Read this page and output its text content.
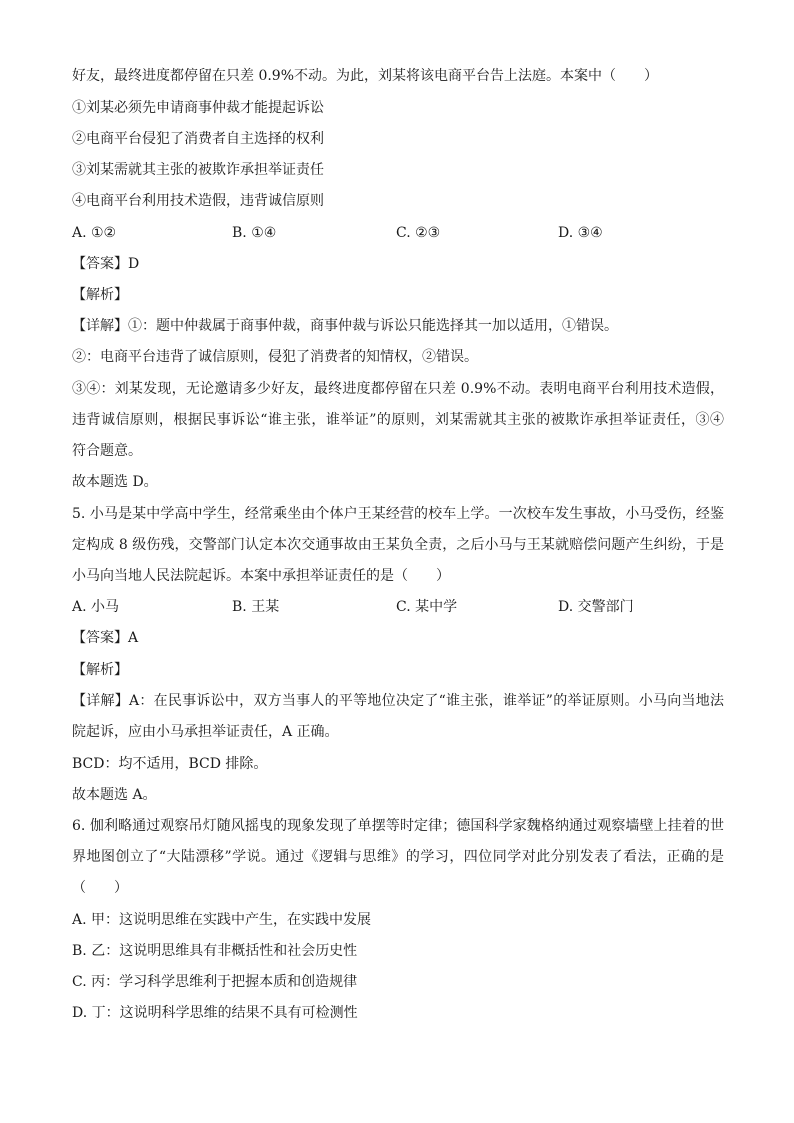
好友，最终进度都停留在只差 0.9%不动。为此，刘某将该电商平台告上法庭。本案中（　　）
①刘某必须先申请商事仲裁才能提起诉讼
②电商平台侵犯了消费者自主选择的权利
③刘某需就其主张的被欺诈承担举证责任
④电商平台利用技术造假，违背诚信原则
A. ①②	B. ①④	C. ②③	D. ③④
【答案】D
【解析】
【详解】①：题中仲裁属于商事仲裁，商事仲裁与诉讼只能选择其一加以适用，①错误。
②：电商平台违背了诚信原则，侵犯了消费者的知情权，②错误。
③④：刘某发现，无论邀请多少好友，最终进度都停留在只差 0.9%不动。表明电商平台利用技术造假，
违背诚信原则，根据民事诉讼“谁主张，谁举证”的原则，刘某需就其主张的被欺诈承担举证责任，③④
符合题意。
故本题选 D。
5. 小马是某中学高中学生，经常乘坐由个体户王某经营的校车上学。一次校车发生事故，小马受伤，经鉴
定构成 8 级伤残，交警部门认定本次交通事故由王某负全责，之后小马与王某就赔偿问题产生纠纷，于是
小马向当地人民法院起诉。本案中承担举证责任的是（　　）
A. 小马	B. 王某	C. 某中学	D. 交警部门
【答案】A
【解析】
【详解】A：在民事诉讼中，双方当事人的平等地位决定了“谁主张，谁举证”的举证原则。小马向当地法
院起诉，应由小马承担举证责任，A 正确。
BCD：均不适用，BCD 排除。
故本题选 A。
6. 伽利略通过观察吊灯随风摇曳的现象发现了单摆等时定律；德国科学家魏格纳通过观察墙壁上挂着的世
界地图创立了“大陆漂移”学说。通过《逻辑与思维》的学习，四位同学对此分别发表了看法，正确的是
（　　）
A. 甲：这说明思维在实践中产生，在实践中发展
B. 乙：这说明思维具有非概括性和社会历史性
C. 丙：学习科学思维利于把握本质和创造规律
D. 丁：这说明科学思维的结果不具有可检测性
